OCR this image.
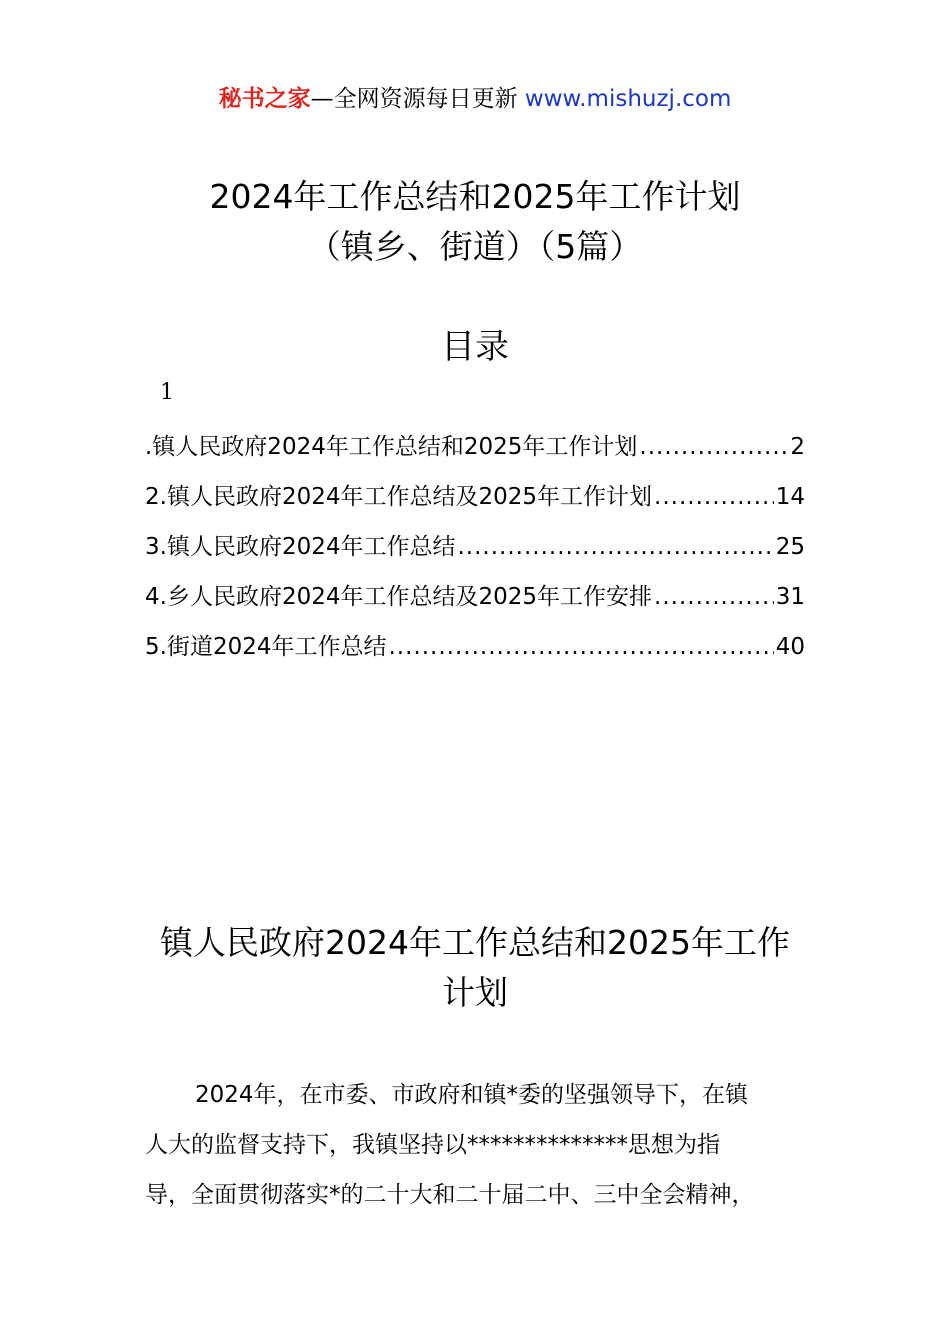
秘书之家—全网资源每日更新 www.mishuzj.com
2024年工作总结和2025年工作计划
（镇乡、街道）（5篇）
目录
1
.镇人民政府2024年工作总结和2025年工作计划 .....	2
2.镇人民政府2024年工作总结及2025年工作计划 .....	14
3.镇人民政府2024年工作总结 .....	25
4.乡人民政府2024年工作总结及2025年工作安排 .....	31
5.街道2024年工作总结 .....	40
镇人民政府2024年工作总结和2025年工作
计划
2024年，在市委、市政府和镇*委的坚强领导下，在镇
人大的监督支持下，我镇坚持以**************思想为指
导，全面贯彻落实*的二十大和二十届二中、三中全会精神，
